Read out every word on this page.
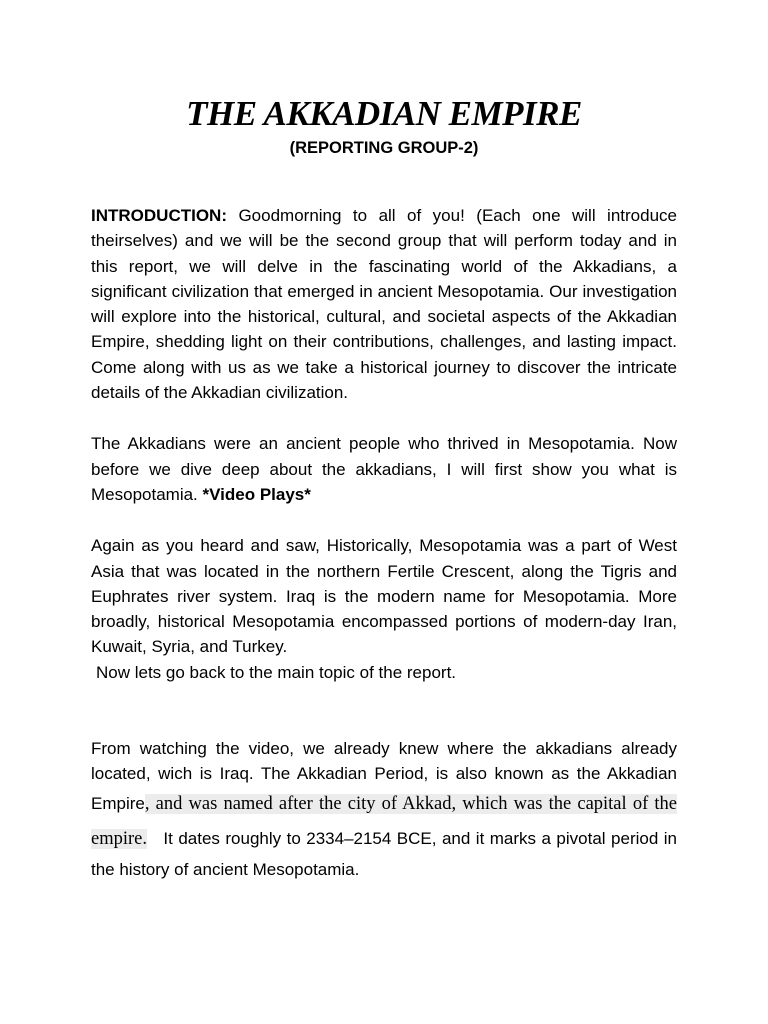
THE AKKADIAN EMPIRE
(REPORTING GROUP-2)

INTRODUCTION: Goodmorning to all of you! (Each one will introduce theirselves) and we will be the second group that will perform today and in this report, we will delve in the fascinating world of the Akkadians, a significant civilization that emerged in ancient Mesopotamia. Our investigation will explore into the historical, cultural, and societal aspects of the Akkadian Empire, shedding light on their contributions, challenges, and lasting impact. Come along with us as we take a historical journey to discover the intricate details of the Akkadian civilization.

The Akkadians were an ancient people who thrived in Mesopotamia. Now before we dive deep about the akkadians, I will first show you what is Mesopotamia. *Video Plays*

Again as you heard and saw, Historically, Mesopotamia was a part of West Asia that was located in the northern Fertile Crescent, along the Tigris and Euphrates river system. Iraq is the modern name for Mesopotamia. More broadly, historical Mesopotamia encompassed portions of modern-day Iran, Kuwait, Syria, and Turkey.

Now lets go back to the main topic of the report.

From watching the video, we already knew where the akkadians already located, wich is Iraq. The Akkadian Period, is also known as the Akkadian Empire, and was named after the city of Akkad, which was the capital of the empire.   It dates roughly to 2334–2154 BCE, and it marks a pivotal period in the history of ancient Mesopotamia.
